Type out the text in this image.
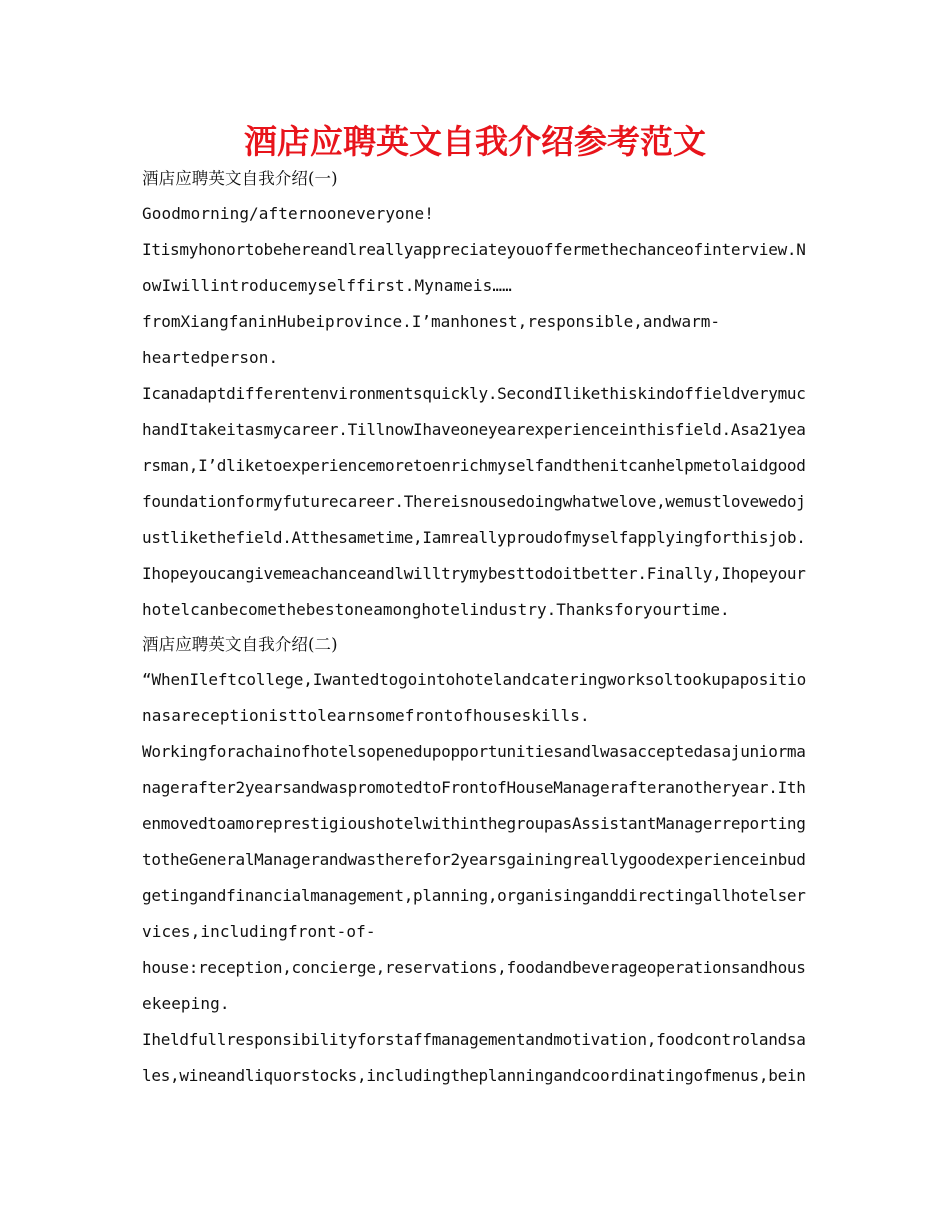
酒店应聘英文自我介绍参考范文
酒店应聘英文自我介绍(一)
Goodmorning/afternooneveryone!
Itismyhonortobehereandlreallyappreciateyouoffermethechanceofinterview.N
owIwillintroducemyselffirst.Mynameis……
fromXiangfaninHubeiprovince.I’manhonest,responsible,andwarm-
heartedperson.
Icanadaptdifferentenvironmentsquickly.SecondIlikethiskindoffieldverymuc
handItakeitasmycareer.TillnowIhaveoneyearexperienceinthisfield.Asa21yea
rsman,I’dliketoexperiencemoretoenrichmyselfandthenitcanhelpmetolaidgood
foundationformyfuturecareer.Thereisnousedoingwhatwelove,wemustlovewedoj
ustlikethefield.Atthesametime,Iamreallyproudofmyselfapplyingforthisjob.
Ihopeyoucangivemeachanceandlwilltrymybesttodoitbetter.Finally,Ihopeyour
hotelcanbecomethebestoneamonghotelindustry.Thanksforyourtime.
酒店应聘英文自我介绍(二)
“WhenIleftcollege,Iwantedtogointohotelandcateringworksoltookupapositio
nasareceptionisttolearnsomefrontofhouseskills.
Workingforachainofhotelsopenedupopportunitiesandlwasacceptedasajuniorma
nagerafter2yearsandwaspromotedtoFrontofHouseManagerafteranotheryear.Ith
enmovedtoamoreprestigioushotelwithinthegroupasAssistantManagerreporting
totheGeneralManagerandwastherefor2yearsgainingreallygoodexperienceinbud
getingandfinancialmanagement,planning,organisinganddirectingallhotelser
vices,includingfront-of-
house:reception,concierge,reservations,foodandbeverageoperationsandhous
ekeeping.
Iheldfullresponsibilityforstaffmanagementandmotivation,foodcontrolandsa
les,wineandliquorstocks,includingtheplanningandcoordinatingofmenus,bein
